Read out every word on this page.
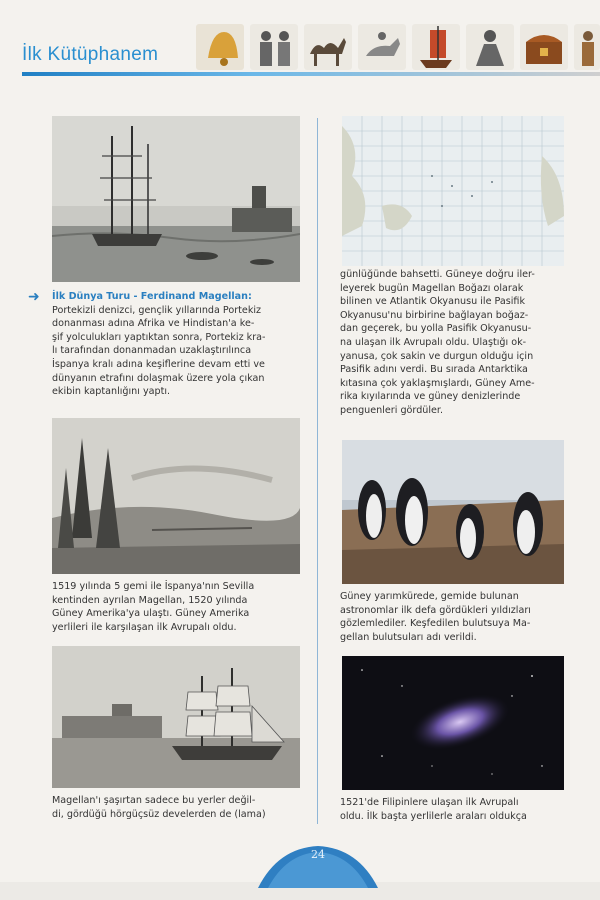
İlk Kütüphanem
➜ İlk Dünya Turu - Ferdinand Magellan:
Portekizli denizci, gençlik yıllarında Portekiz
donanması adına Afrika ve Hindistan'a ke-
şif yolculukları yaptıktan sonra, Portekiz kra-
lı tarafından donanmadan uzaklaştırılınca
İspanya kralı adına keşiflerine devam etti ve
dünyanın etrafını dolaşmak üzere yola çıkan
ekibin kaptanlığını yaptı.
1519 yılında 5 gemi ile İspanya'nın Sevilla
kentinden ayrılan Magellan, 1520 yılında
Güney Amerika'ya ulaştı. Güney Amerika
yerlileri ile karşılaşan ilk Avrupalı oldu.
Magellan'ı şaşırtan sadece bu yerler değil-
di, gördüğü hörgüçsüz develerden de (lama)
günlüğünde bahsetti. Güneye doğru iler-
leyerek bugün Magellan Boğazı olarak
bilinen ve Atlantik Okyanusu ile Pasifik
Okyanusu'nu birbirine bağlayan boğaz-
dan geçerek, bu yolla Pasifik Okyanusu-
na ulaşan ilk Avrupalı oldu. Ulaştığı ok-
yanusa, çok sakin ve durgun olduğu için
Pasifik adını verdi. Bu sırada Antarktika
kıtasına çok yaklaşmışlardı, Güney Ame-
rika kıyılarında ve güney denizlerinde
penguenleri gördüler.
Güney yarımkürede, gemide bulunan
astronomlar ilk defa gördükleri yıldızları
gözlemlediler. Keşfedilen bulutsuya Ma-
gellan bulutsuları adı verildi.
1521'de Filipinlere ulaşan ilk Avrupalı
oldu. İlk başta yerlilerle araları oldukça
24
